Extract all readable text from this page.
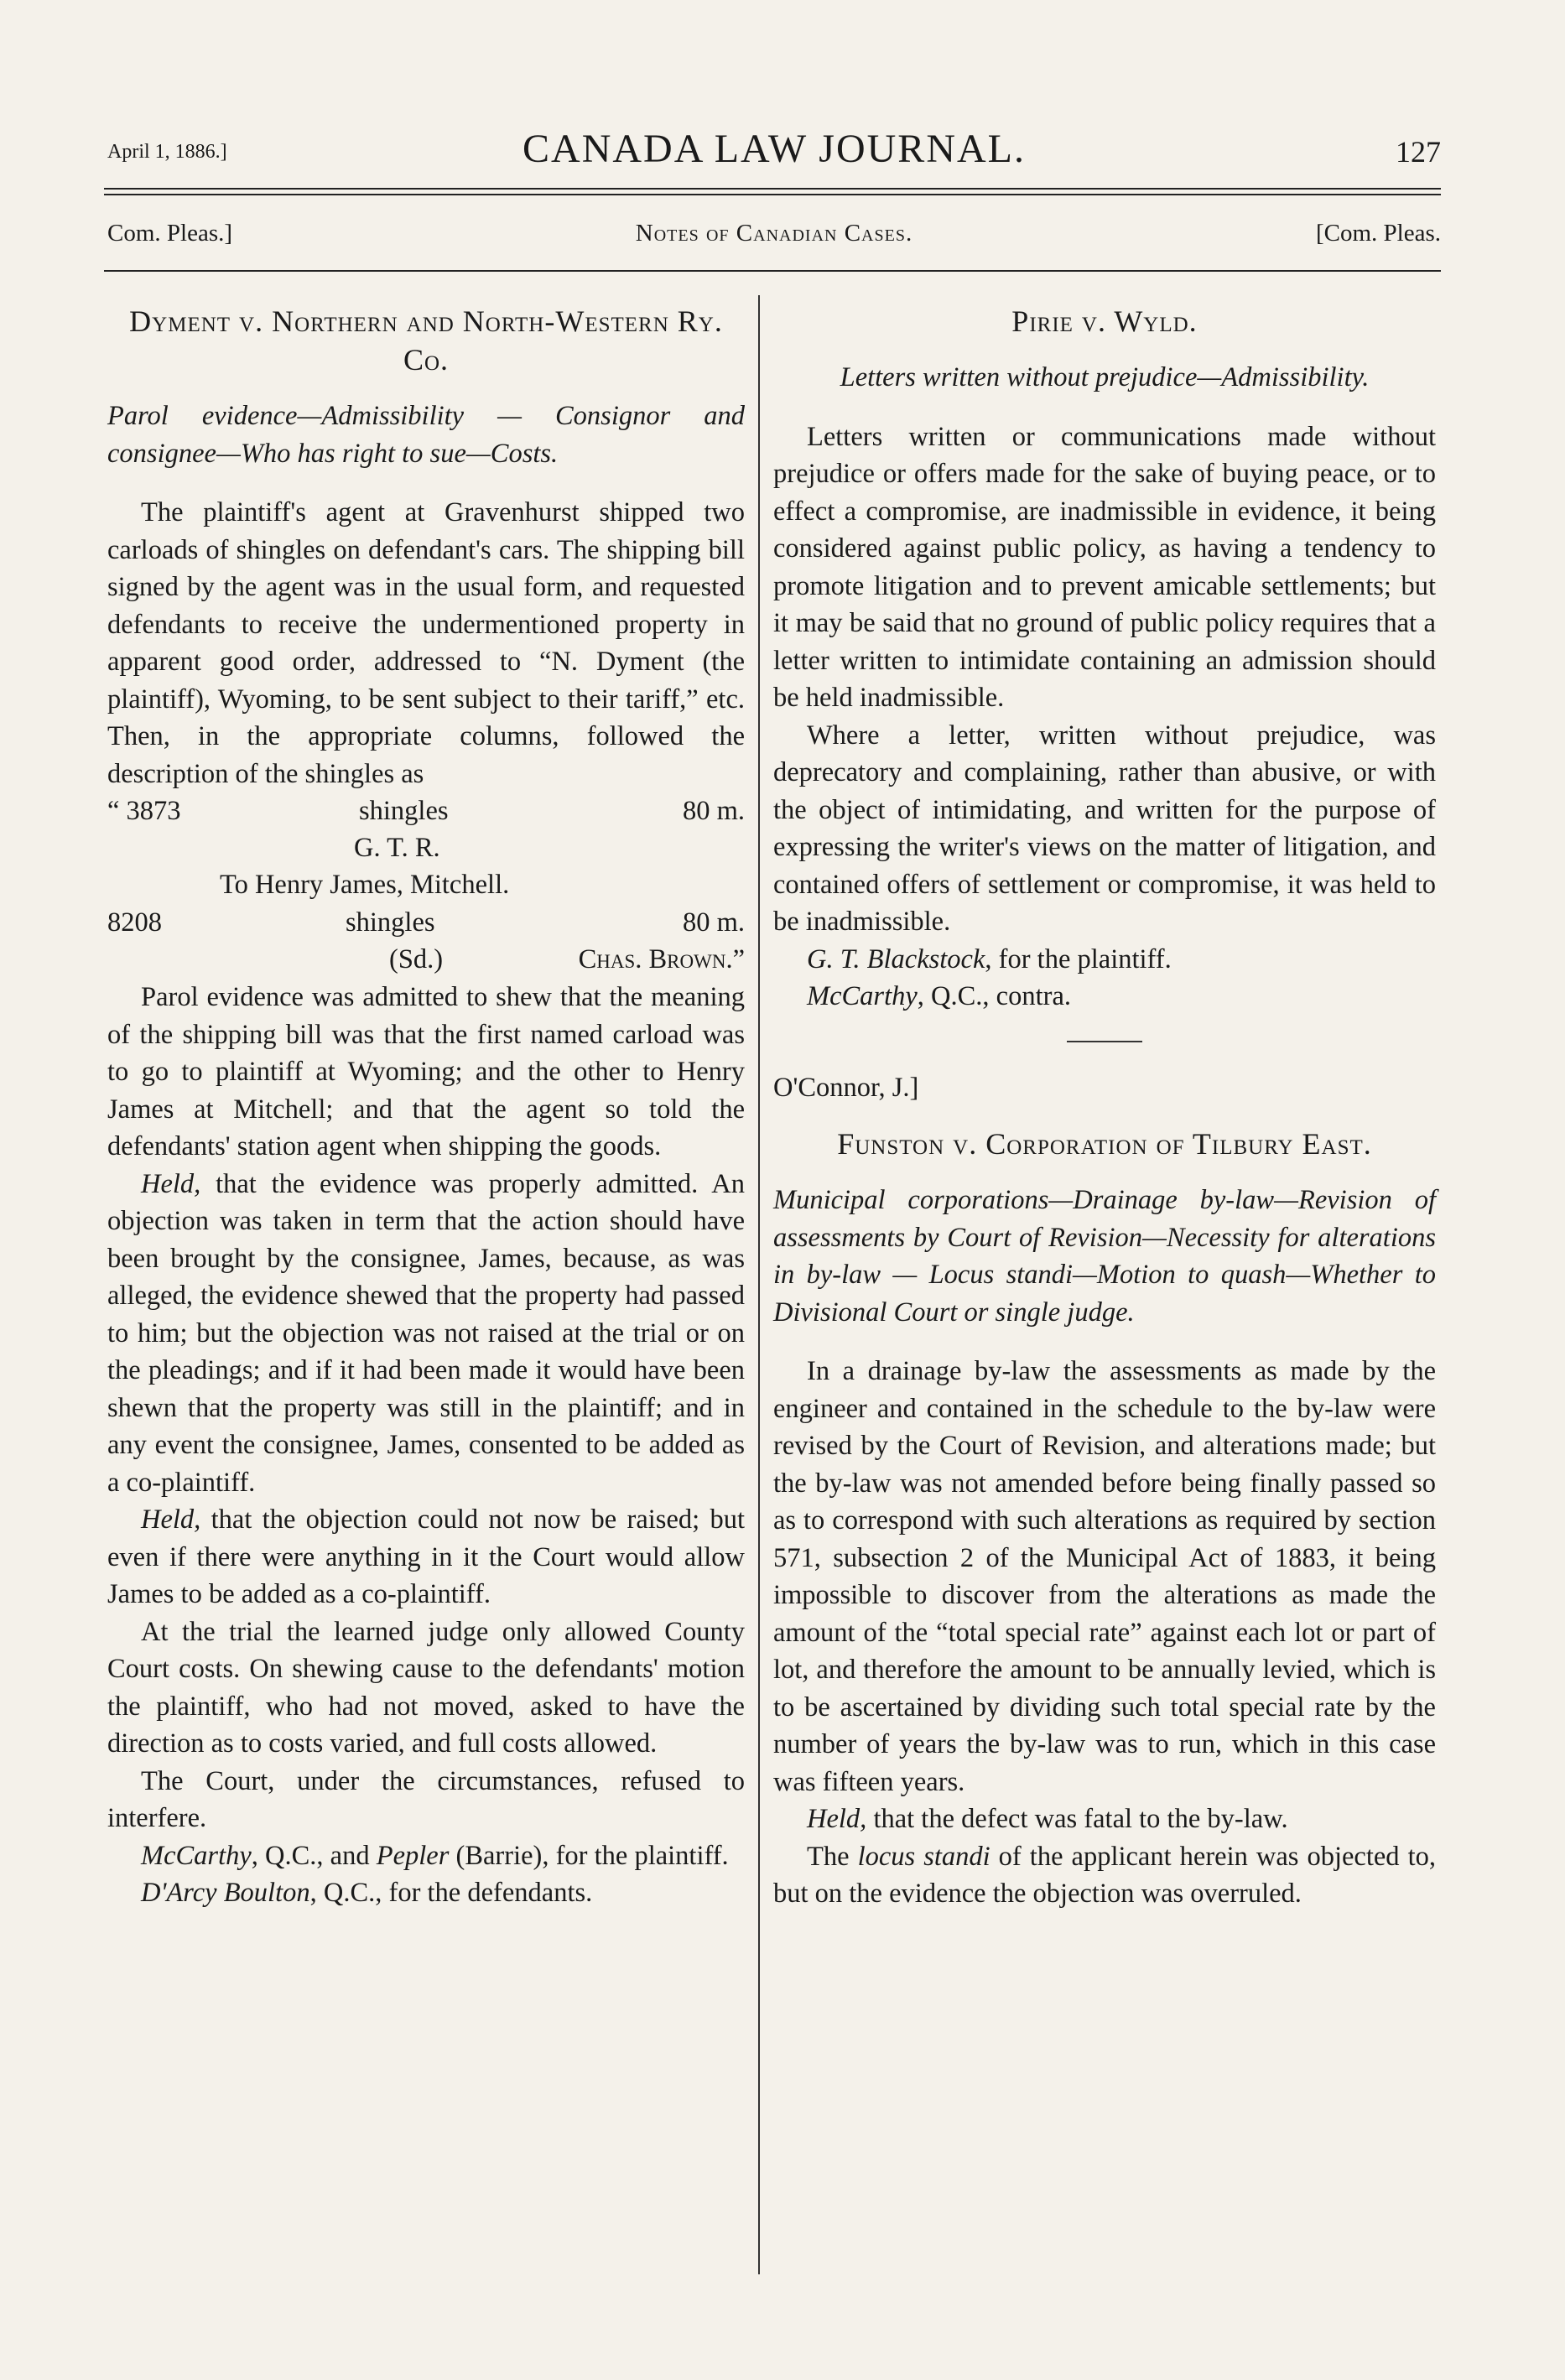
April 1, 1886.]	CANADA LAW JOURNAL.	127
Com. Pleas.]	Notes of Canadian Cases.	[Com. Pleas.
Dyment v. Northern and North-Western Ry. Co.
Parol evidence—Admissibility — Consignor and consignee—Who has right to sue—Costs.

The plaintiff's agent at Gravenhurst shipped two carloads of shingles on defendant's cars. The shipping bill signed by the agent was in the usual form, and requested defendants to receive the undermentioned property in apparent good order, addressed to “N. Dyment (the plaintiff), Wyoming, to be sent subject to their tariff,” etc. Then, in the appropriate columns, followed the description of the shingles as

“ 3873	shingles	80 m.
G. T. R.
To Henry James, Mitchell.
8208	shingles	80 m.
(Sd.)	Chas. Brown.”

Parol evidence was admitted to shew that the meaning of the shipping bill was that the first named carload was to go to plaintiff at Wyoming; and the other to Henry James at Mitchell; and that the agent so told the defendants' station agent when shipping the goods.

Held, that the evidence was properly admitted. An objection was taken in term that the action should have been brought by the consignee, James, because, as was alleged, the evidence shewed that the property had passed to him; but the objection was not raised at the trial or on the pleadings; and if it had been made it would have been shewn that the property was still in the plaintiff; and in any event the consignee, James, consented to be added as a co-plaintiff.

Held, that the objection could not now be raised; but even if there were anything in it the Court would allow James to be added as a co-plaintiff.

At the trial the learned judge only allowed County Court costs. On shewing cause to the defendants' motion the plaintiff, who had not moved, asked to have the direction as to costs varied, and full costs allowed.

The Court, under the circumstances, refused to interfere.

McCarthy, Q.C., and Pepler (Barrie), for the plaintiff.

D'Arcy Boulton, Q.C., for the defendants.

Pirie v. Wyld.
Letters written without prejudice—Admissibility.

Letters written or communications made without prejudice or offers made for the sake of buying peace, or to effect a compromise, are inadmissible in evidence, it being considered against public policy, as having a tendency to promote litigation and to prevent amicable settlements; but it may be said that no ground of public policy requires that a letter written to intimidate containing an admission should be held inadmissible.

Where a letter, written without prejudice, was deprecatory and complaining, rather than abusive, or with the object of intimidating, and written for the purpose of expressing the writer's views on the matter of litigation, and contained offers of settlement or compromise, it was held to be inadmissible.

G. T. Blackstock, for the plaintiff.

McCarthy, Q.C., contra.

O'Connor, J.]

Funston v. Corporation of Tilbury East.
Municipal corporations—Drainage by-law—Revision of assessments by Court of Revision—Necessity for alterations in by-law — Locus standi—Motion to quash—Whether to Divisional Court or single judge.

In a drainage by-law the assessments as made by the engineer and contained in the schedule to the by-law were revised by the Court of Revision, and alterations made; but the by-law was not amended before being finally passed so as to correspond with such alterations as required by section 571, subsection 2 of the Municipal Act of 1883, it being impossible to discover from the alterations as made the amount of the “total special rate” against each lot or part of lot, and therefore the amount to be annually levied, which is to be ascertained by dividing such total special rate by the number of years the by-law was to run, which in this case was fifteen years.

Held, that the defect was fatal to the by-law.

The locus standi of the applicant herein was objected to, but on the evidence the objection was overruled.
